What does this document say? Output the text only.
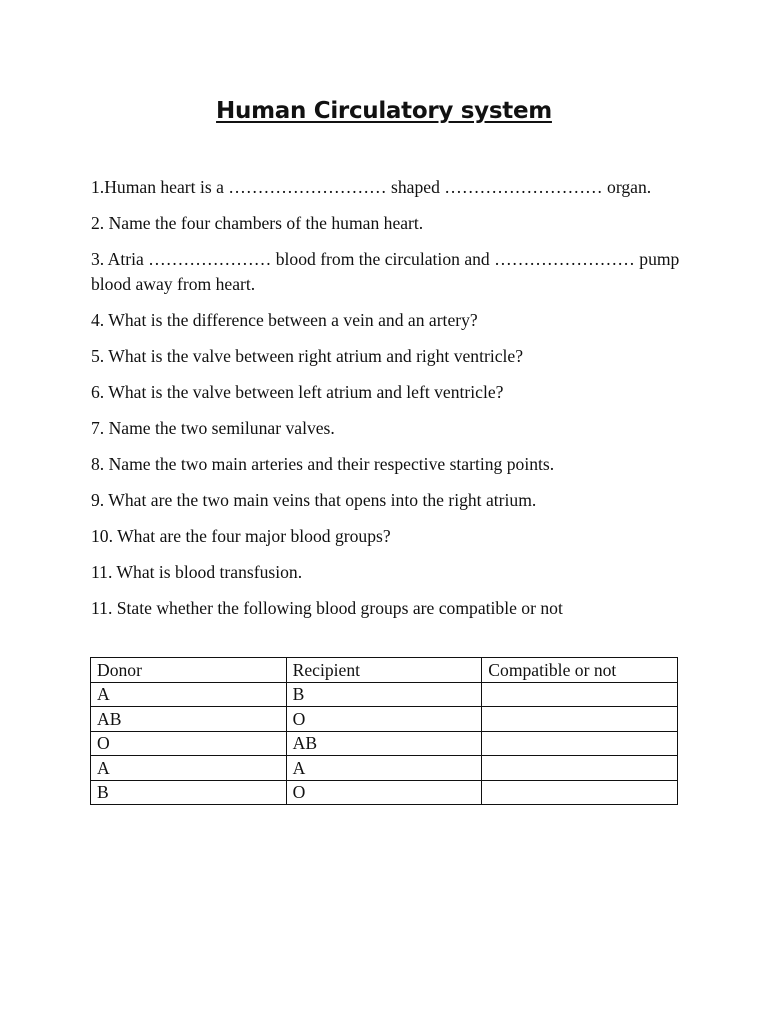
Human Circulatory system

1.Human heart is a ……………………… shaped ……………………… organ.

2. Name the four chambers of the human heart.

3. Atria ………………… blood from the circulation and …………………… pump blood away from heart.

4. What is the difference between a vein and an artery?

5. What is the valve between right atrium and right ventricle?

6. What is the valve between left atrium and left ventricle?

7. Name the two semilunar valves.

8. Name the two main arteries and their respective starting points.

9. What are the two main veins that opens into the right atrium.

10. What are the four major blood groups?

11. What is blood transfusion.

11. State whether the following blood groups are compatible or not

Donor	Recipient	Compatible or not
A	B	
AB	O	
O	AB	
A	A	
B	O	
